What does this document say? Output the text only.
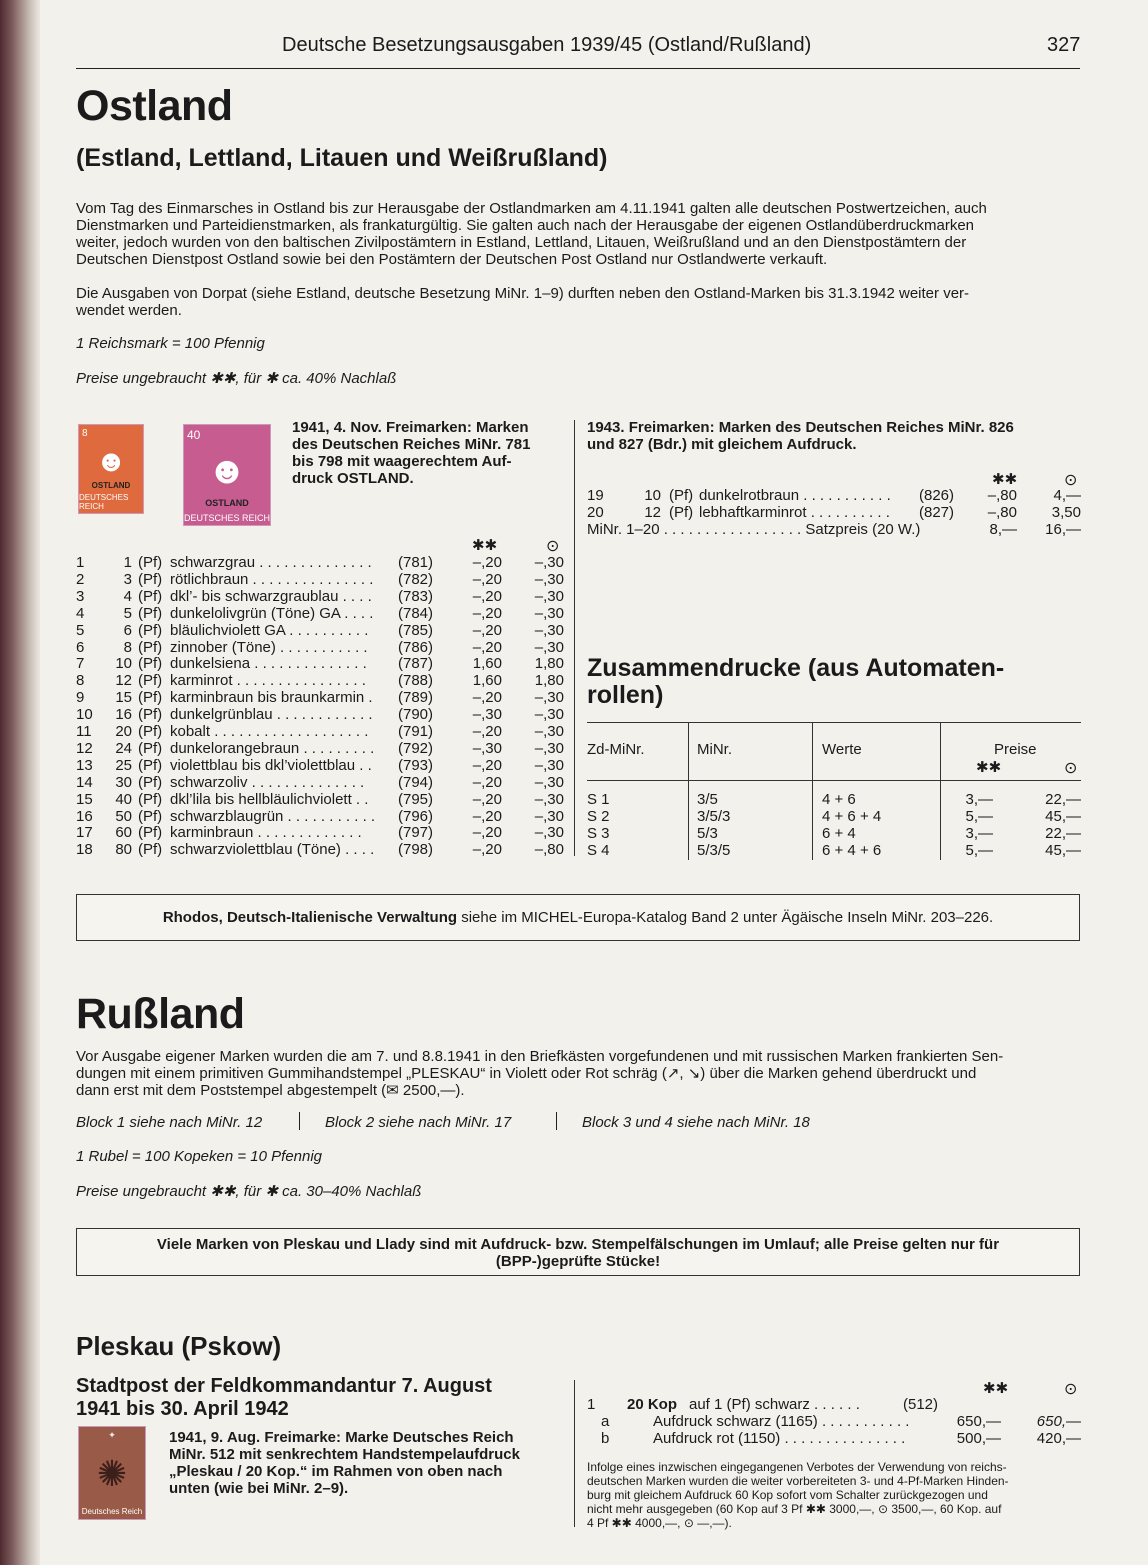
Deutsche Besetzungsausgaben 1939/45 (Ostland/Rußland)	327
Ostland
(Estland, Lettland, Litauen und Weißrußland)
Vom Tag des Einmarsches in Ostland bis zur Herausgabe der Ostlandmarken am 4.11.1941 galten alle deutschen Postwertzeichen, auch
Dienstmarken und Parteidienstmarken, als frankaturgültig. Sie galten auch nach der Herausgabe der eigenen Ostlandüberdruckmarken
weiter, jedoch wurden von den baltischen Zivilpostämtern in Estland, Lettland, Litauen, Weißrußland und an den Dienstpostämtern der
Deutschen Dienstpost Ostland sowie bei den Postämtern der Deutschen Post Ostland nur Ostlandwerte verkauft.
Die Ausgaben von Dorpat (siehe Estland, deutsche Besetzung MiNr. 1–9) durften neben den Ostland-Marken bis 31.3.1942 weiter ver-
wendet werden.
1 Reichsmark = 100 Pfennig
Preise ungebraucht ✱✱, für ✱ ca. 40% Nachlaß
8
☻
OSTLAND
DEUTSCHES REICH
40
☻
OSTLAND
DEUTSCHES REICH
1941, 4. Nov. Freimarken: Marken
des Deutschen Reiches MiNr. 781
bis 798 mit waagerechtem Auf-
druck OSTLAND.
✱✱	⊙
1	1 (Pf) schwarzgrau . . . . . . . . . . . . . . (781)	–,20	–,30
2	3 (Pf) rötlichbraun . . . . . . . . . . . . . . . (782)	–,20	–,30
3	4 (Pf) dkl’- bis schwarzgraublau . . . . (783)	–,20	–,30
4	5 (Pf) dunkelolivgrün (Töne) GA . . . . (784)	–,20	–,30
5	6 (Pf) bläulichviolett GA . . . . . . . . . . (785)	–,20	–,30
6	8 (Pf) zinnober (Töne) . . . . . . . . . . . (786)	–,20	–,30
7	10 (Pf) dunkelsiena . . . . . . . . . . . . . . (787)	1,60	1,80
8	12 (Pf) karminrot . . . . . . . . . . . . . . . . (788)	1,60	1,80
9	15 (Pf) karminbraun bis braunkarmin . (789)	–,20	–,30
10	16 (Pf) dunkelgrünblau . . . . . . . . . . . . (790)	–,30	–,30
11	20 (Pf) kobalt . . . . . . . . . . . . . . . . . . . (791)	–,20	–,30
12	24 (Pf) dunkelorangebraun . . . . . . . . . (792)	–,30	–,30
13	25 (Pf) violettblau bis dkl’violettblau . . (793)	–,20	–,30
14	30 (Pf) schwarzoliv . . . . . . . . . . . . . . (794)	–,20	–,30
15	40 (Pf) dkl’lila bis hellbläulichviolett . . (795)	–,20	–,30
16	50 (Pf) schwarzblaugrün . . . . . . . . . . . (796)	–,20	–,30
17	60 (Pf) karminbraun . . . . . . . . . . . . . (797)	–,20	–,30
18	80 (Pf) schwarzviolettblau (Töne) . . . . (798)	–,20	–,80
1943. Freimarken: Marken des Deutschen Reiches MiNr. 826
und 827 (Bdr.) mit gleichem Aufdruck.
✱✱	⊙
19	10 (Pf) dunkelrotbraun . . . . . . . . . . . (826)	–,80	4,—
20	12 (Pf) lebhaftkarminrot . . . . . . . . . . (827)	–,80	3,50
MiNr. 1–20 . . . . . . . . . . . . . . . . . Satzpreis (20 W.)	8,—	16,—
Zusammendrucke (aus Automaten-
rollen)
Zd-MiNr.	MiNr.	Werte	Preise
✱✱	⊙
S 1	3/5	4 + 6	3,—	22,—
S 2	3/5/3	4 + 6 + 4	5,—	45,—
S 3	5/3	6 + 4	3,—	22,—
S 4	5/3/5	6 + 4 + 6	5,—	45,—
Rhodos, Deutsch-Italienische Verwaltung siehe im MICHEL-Europa-Katalog Band 2 unter Ägäische Inseln MiNr. 203–226.
Rußland
Vor Ausgabe eigener Marken wurden die am 7. und 8.8.1941 in den Briefkästen vorgefundenen und mit russischen Marken frankierten Sen-
dungen mit einem primitiven Gummihandstempel „PLESKAU“ in Violett oder Rot schräg (↗, ↘) über die Marken gehend überdruckt und
dann erst mit dem Poststempel abgestempelt (✉ 2500,—).
Block 1 siehe nach MiNr. 12	Block 2 siehe nach MiNr. 17	Block 3 und 4 siehe nach MiNr. 18
1 Rubel = 100 Kopeken = 10 Pfennig
Preise ungebraucht ✱✱, für ✱ ca. 30–40% Nachlaß
Viele Marken von Pleskau und Llady sind mit Aufdruck- bzw. Stempelfälschungen im Umlauf; alle Preise gelten nur für
(BPP-)geprüfte Stücke!
Pleskau (Pskow)
Stadtpost der Feldkommandantur 7. August
1941 bis 30. April 1942
✦
✺
Deutsches Reich
1941, 9. Aug. Freimarke: Marke Deutsches Reich
MiNr. 512 mit senkrechtem Handstempelaufdruck
„Pleskau / 20 Kop.“ im Rahmen von oben nach
unten (wie bei MiNr. 2–9).
✱✱	⊙
1 20 Kop auf 1 (Pf) schwarz . . . . . .	(512)
a	Aufdruck schwarz (1165) . . . . . . . . . . .	650,—	650,—
b	Aufdruck rot (1150) . . . . . . . . . . . . . . .	500,—	420,—
Infolge eines inzwischen eingegangenen Verbotes der Verwendung von reichs-
deutschen Marken wurden die weiter vorbereiteten 3- und 4-Pf-Marken Hinden-
burg mit gleichem Aufdruck 60 Kop sofort vom Schalter zurückgezogen und
nicht mehr ausgegeben (60 Kop auf 3 Pf ✱✱ 3000,—, ⊙ 3500,—, 60 Kop. auf
4 Pf ✱✱ 4000,—, ⊙ —,—).
